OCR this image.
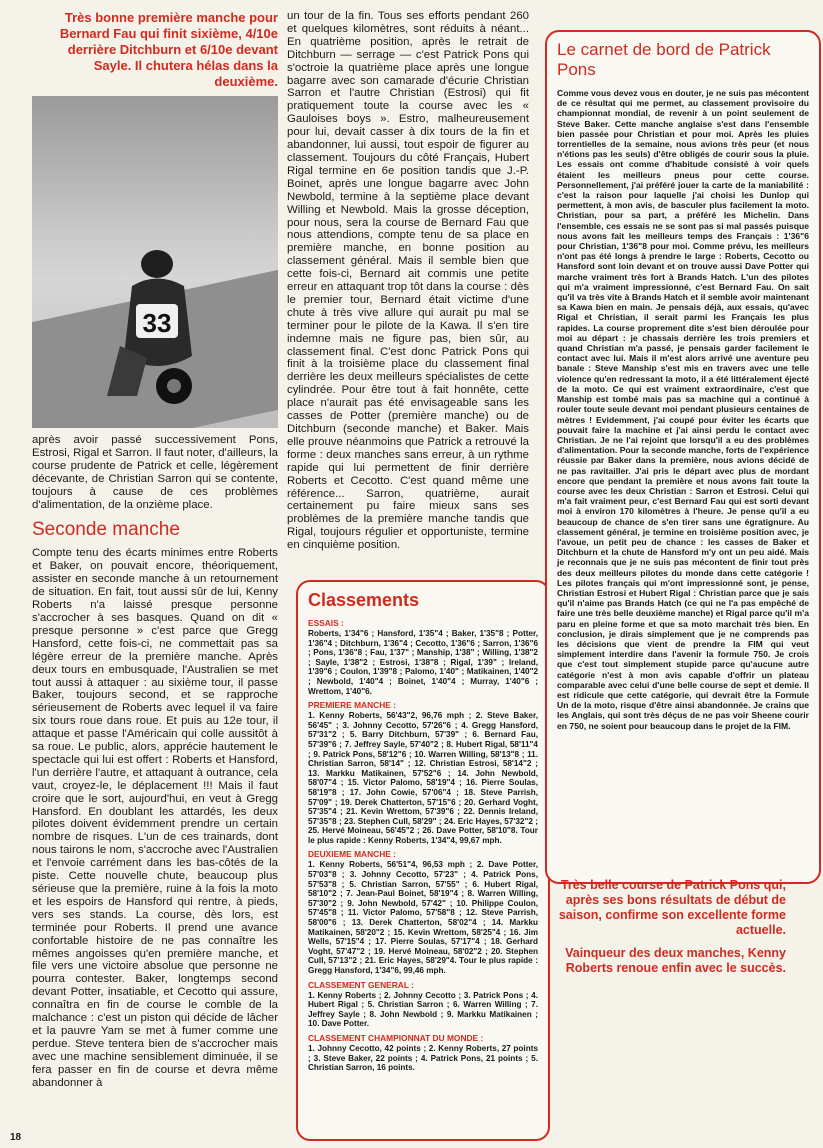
Très bonne première manche pour Bernard Fau qui finit sixième, 4/10e derrière Ditchburn et 6/10e devant Sayle. Il chutera hélas dans la deuxième.

33

après avoir passé successivement Pons, Estrosi, Rigal et Sarron. Il faut noter, d'ailleurs, la course prudente de Patrick et celle, légèrement décevante, de Christian Sarron qui se contente, toujours à cause de ces problèmes d'alimentation, de la onzième place.

Seconde manche

Compte tenu des écarts minimes entre Roberts et Baker, on pouvait encore, théoriquement, assister en seconde manche à un retournement de situation. En fait, tout aussi sûr de lui, Kenny Roberts n'a laissé presque personne s'accrocher à ses basques. Quand on dit « presque personne » c'est parce que Gregg Hansford, cette fois-ci, ne commettait pas sa légère erreur de la première manche. Après deux tours en embusquade, l'Australien se met tout aussi à attaquer : au sixième tour, il passe Baker, toujours second, et se rapproche sérieusement de Roberts avec lequel il va faire six tours roue dans roue. Et puis au 12e tour, il attaque et passe l'Américain qui colle aussitôt à sa roue. Le public, alors, apprécie hautement le spectacle qui lui est offert : Roberts et Hansford, l'un derrière l'autre, et attaquant à outrance, cela vaut, croyez-le, le déplacement !!! Mais il faut croire que le sort, aujourd'hui, en veut à Gregg Hansford. En doublant les attardés, les deux pilotes doivent évidemment prendre un certain nombre de risques. L'un de ces trainards, dont nous tairons le nom, s'accroche avec l'Australien et l'envoie carrément dans les bas-côtés de la piste. Cette nouvelle chute, beaucoup plus sérieuse que la première, ruine à la fois la moto et les espoirs de Hansford qui rentre, à pieds, vers ses stands. La course, dès lors, est terminée pour Roberts. Il prend une avance confortable histoire de ne pas connaître les mêmes angoisses qu'en première manche, et file vers une victoire absolue que personne ne pourra contester. Baker, longtemps second devant Potter, insatiable, et Cecotto qui assure, connaîtra en fin de course le comble de la malchance : c'est un piston qui décide de lâcher et la pauvre Yam se met à fumer comme une perdue. Steve tentera bien de s'accrocher mais avec une machine sensiblement diminuée, il se fera passer en fin de course et devra même abandonner à

un tour de la fin. Tous ses efforts pendant 260 et quelques kilomètres, sont réduits à néant... En quatrième position, après le retrait de Ditchburn — serrage — c'est Patrick Pons qui s'octroie la quatrième place après une longue bagarre avec son camarade d'écurie Christian Sarron et l'autre Christian (Estrosi) qui fit pratiquement toute la course avec les « Gauloises boys ». Estro, malheureusement pour lui, devait casser à dix tours de la fin et abandonner, lui aussi, tout espoir de figurer au classement. Toujours du côté Français, Hubert Rigal termine en 6e position tandis que J.-P. Boinet, après une longue bagarre avec John Newbold, termine à la septième place devant Willing et Newbold. Mais la grosse déception, pour nous, sera la course de Bernard Fau que nous attendions, compte tenu de sa place en première manche, en bonne position au classement général. Mais il semble bien que cette fois-ci, Bernard ait commis une petite erreur en attaquant trop tôt dans la course : dès le premier tour, Bernard était victime d'une chute à très vive allure qui aurait pu mal se terminer pour le pilote de la Kawa. Il s'en tire indemne mais ne figure pas, bien sûr, au classement final. C'est donc Patrick Pons qui finit à la troisième place du classement final derrière les deux meilleurs spécialistes de cette cylindrée. Pour être tout à fait honnête, cette place n'aurait pas été envisageable sans les casses de Potter (première manche) ou de Ditchburn (seconde manche) et Baker. Mais elle prouve néanmoins que Patrick a retrouvé la forme : deux manches sans erreur, à un rythme rapide qui lui permettent de finir derrière Roberts et Cecotto. C'est quand même une référence... Sarron, quatrième, aurait certainement pu faire mieux sans ses problèmes de la première manche tandis que Rigal, toujours régulier et opportuniste, termine en cinquième position.

Classements
ESSAIS :

Roberts, 1'34"6 ; Hansford, 1'35"4 ; Baker, 1'35"8 ; Potter, 1'36"4 ; Ditchburn, 1'36"4 ; Cecotto, 1'36"6 ; Sarron, 1'36"6 ; Pons, 1'36"8 ; Fau, 1'37" ; Manship, 1'38" ; Willing, 1'38"2 ; Sayle, 1'38"2 ; Estrosi, 1'38"8 ; Rigal, 1'39" ; Ireland, 1'39"6 ; Coulon, 1'39"8 ; Palomo, 1'40" ; Matikainen, 1'40"2 ; Newbold, 1'40"4 ; Boinet, 1'40"4 ; Murray, 1'40"6 ; Wrettom, 1'40"6.

PREMIERE MANCHE :

1. Kenny Roberts, 56'43"2, 96,76 mph ; 2. Steve Baker, 56'45" ; 3. Johnny Cecotto, 57'26"6 ; 4. Gregg Hansford, 57'31"2 ; 5. Barry Ditchburn, 57'39" ; 6. Bernard Fau, 57'39"6 ; 7. Jeffrey Sayle, 57'40"2 ; 8. Hubert Rigal, 58'11"4 ; 9. Patrick Pons, 58'12"6 ; 10. Warren Willing, 58'13"8 ; 11. Christian Sarron, 58'14" ; 12. Christian Estrosi, 58'14"2 ; 13. Markku Matikainen, 57'52"6 ; 14. John Newbold, 58'07"4 ; 15. Victor Palomo, 58'19"4 ; 16. Pierre Soulas, 58'19"8 ; 17. John Cowie, 57'06"4 ; 18. Steve Parrish, 57'09" ; 19. Derek Chatterton, 57'15"6 ; 20. Gerhard Voght, 57'35"4 ; 21. Kevin Wrettom, 57'39"6 ; 22. Dennis Ireland, 57'35"8 ; 23. Stephen Cull, 58'29" ; 24. Eric Hayes, 57'32"2 ; 25. Hervé Moineau, 56'45"2 ; 26. Dave Potter, 58'10"8. Tour le plus rapide : Kenny Roberts, 1'34"4, 99,67 mph.

DEUXIEME MANCHE :

1. Kenny Roberts, 56'51"4, 96,53 mph ; 2. Dave Potter, 57'03"8 ; 3. Johnny Cecotto, 57'23" ; 4. Patrick Pons, 57'53"8 ; 5. Christian Sarron, 57'55" ; 6. Hubert Rigal, 58'10"2 ; 7. Jean-Paul Boinet, 58'19"4 ; 8. Warren Willing, 57'30"2 ; 9. John Newbold, 57'42" ; 10. Philippe Coulon, 57'45"8 ; 11. Victor Palomo, 57'58"8 ; 12. Steve Parrish, 58'00"6 ; 13. Derek Chatterton, 58'02"4 ; 14. Markku Matikainen, 58'20"2 ; 15. Kevin Wrettom, 58'25"4 ; 16. Jim Wells, 57'15"4 ; 17. Pierre Soulas, 57'17"4 ; 18. Gerhard Voght, 57'47"2 ; 19. Hervé Moineau, 58'02"2 ; 20. Stephen Cull, 57'13"2 ; 21. Eric Hayes, 58'29"4. Tour le plus rapide : Gregg Hansford, 1'34"6, 99,46 mph.

CLASSEMENT GENERAL :

1. Kenny Roberts ; 2. Johnny Cecotto ; 3. Patrick Pons ; 4. Hubert Rigal ; 5. Christian Sarron ; 6. Warren Willing ; 7. Jeffrey Sayle ; 8. John Newbold ; 9. Markku Matikainen ; 10. Dave Potter.

CLASSEMENT CHAMPIONNAT DU MONDE :

1. Johnny Cecotto, 42 points ; 2. Kenny Roberts, 27 points ; 3. Steve Baker, 22 points ; 4. Patrick Pons, 21 points ; 5. Christian Sarron, 16 points.

Le carnet de bord de Patrick Pons

Comme vous devez vous en douter, je ne suis pas mécontent de ce résultat qui me permet, au classement provisoire du championnat mondial, de revenir à un point seulement de Steve Baker. Cette manche anglaise s'est dans l'ensemble bien passée pour Christian et pour moi. Après les pluies torrentielles de la semaine, nous avions très peur (et nous n'étions pas les seuls) d'être obligés de courir sous la pluie. Les essais ont comme d'habitude consisté à voir quels étaient les meilleurs pneus pour cette course. Personnellement, j'ai préféré jouer la carte de la maniabilité : c'est la raison pour laquelle j'ai choisi les Dunlop qui permettent, à mon avis, de basculer plus facilement la moto. Christian, pour sa part, a préféré les Michelin. Dans l'ensemble, ces essais ne se sont pas si mal passés puisque nous avons fait les meilleurs temps des Français : 1'36"6 pour Christian, 1'36"8 pour moi. Comme prévu, les meilleurs n'ont pas été longs à prendre le large : Roberts, Cecotto ou Hansford sont loin devant et on trouve aussi Dave Potter qui marche vraiment très fort à Brands Hatch. L'un des pilotes qui m'a vraiment impressionné, c'est Bernard Fau. On sait qu'il va très vite à Brands Hatch et il semble avoir maintenant sa Kawa bien en main. Je pensais déjà, aux essais, qu'avec Rigal et Christian, il serait parmi les Français les plus rapides. La course proprement dite s'est bien déroulée pour moi au départ : je chassais derrière les trois premiers et quand Christian m'a passé, je pensais garder facilement le contact avec lui. Mais il m'est alors arrivé une aventure peu banale : Steve Manship s'est mis en travers avec une telle violence qu'en redressant la moto, il a été littéralement éjecté de la moto. Ce qui est vraiment extraordinaire, c'est que Manship est tombé mais pas sa machine qui a continué à rouler toute seule devant moi pendant plusieurs centaines de mètres ! Evidemment, j'ai coupé pour éviter les écarts que pouvait faire la machine et j'ai ainsi perdu le contact avec Christian. Je ne l'ai rejoint que lorsqu'il a eu des problèmes d'alimentation. Pour la seconde manche, forts de l'expérience réussie par Baker dans la première, nous avions décidé de ne pas ravitailler. J'ai pris le départ avec plus de mordant encore que pendant la première et nous avons fait toute la course avec les deux Christian : Sarron et Estrosi. Celui qui m'a fait vraiment peur, c'est Bernard Fau qui est sorti devant moi à environ 170 kilomètres à l'heure. Je pense qu'il a eu beaucoup de chance de s'en tirer sans une égratignure. Au classement général, je termine en troisième position avec, je l'avoue, un petit peu de chance : les casses de Baker et Ditchburn et la chute de Hansford m'y ont un peu aidé. Mais je reconnais que je ne suis pas mécontent de finir tout près des deux meilleurs pilotes du monde dans cette catégorie ! Les pilotes français qui m'ont impressionné sont, je pense, Christian Estrosi et Hubert Rigal : Christian parce que je sais qu'il n'aime pas Brands Hatch (ce qui ne l'a pas empêché de faire une très belle deuxième manche) et Rigal parce qu'il m'a paru en pleine forme et que sa moto marchait très bien. En conclusion, je dirais simplement que je ne comprends pas les décisions que vient de prendre la FIM qui veut simplement interdire dans l'avenir la formule 750. Je crois que c'est tout simplement stupide parce qu'aucune autre catégorie n'est à mon avis capable d'offrir un plateau comparable avec celui d'une belle course de sept et demie. Il est ridicule que cette catégorie, qui devrait être la Formule Un de la moto, risque d'être ainsi abandonnée. Je crains que les Anglais, qui sont très déçus de ne pas voir Sheene courir en 750, ne soient pour beaucoup dans le projet de la FIM.

Très belle course de Patrick Pons qui, après ses bons résultats de début de saison, confirme son excellente forme actuelle.

Vainqueur des deux manches, Kenny Roberts renoue enfin avec le succès.

18
